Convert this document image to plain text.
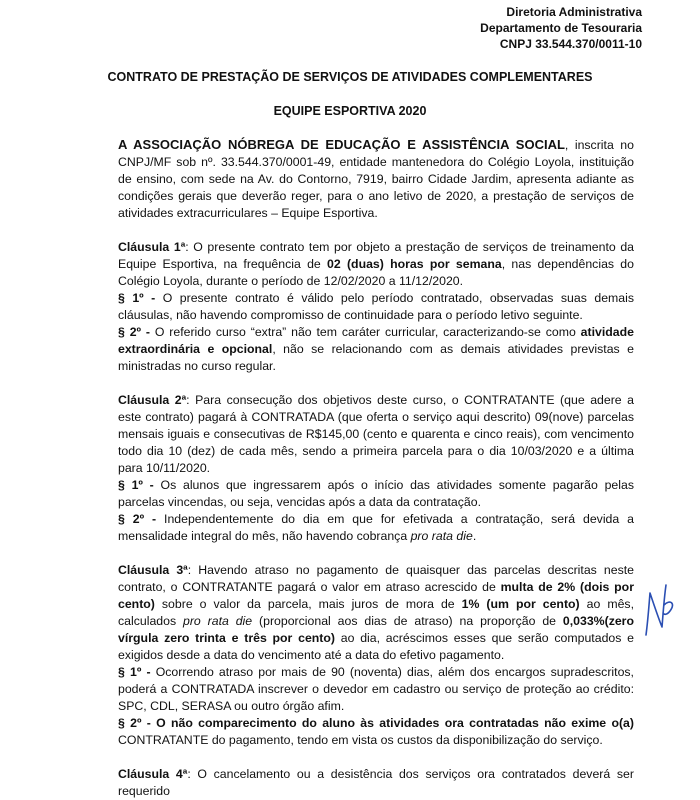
Diretoria Administrativa
Departamento de Tesouraria
CNPJ 33.544.370/0011-10
CONTRATO DE PRESTAÇÃO DE SERVIÇOS DE ATIVIDADES COMPLEMENTARES
EQUIPE ESPORTIVA 2020

A ASSOCIAÇÃO NÓBREGA DE EDUCAÇÃO E ASSISTÊNCIA SOCIAL, inscrita no CNPJ/MF sob nº. 33.544.370/0001-49, entidade mantenedora do Colégio Loyola, instituição de ensino, com sede na Av. do Contorno, 7919, bairro Cidade Jardim, apresenta adiante as condições gerais que deverão reger, para o ano letivo de 2020, a prestação de serviços de atividades extracurriculares – Equipe Esportiva.

Cláusula 1ª: O presente contrato tem por objeto a prestação de serviços de treinamento da Equipe Esportiva, na frequência de 02 (duas) horas por semana, nas dependências do Colégio Loyola, durante o período de 12/02/2020 a 11/12/2020.

§ 1º - O presente contrato é válido pelo período contratado, observadas suas demais cláusulas, não havendo compromisso de continuidade para o período letivo seguinte.

§ 2º - O referido curso “extra” não tem caráter curricular, caracterizando-se como atividade extraordinária e opcional, não se relacionando com as demais atividades previstas e ministradas no curso regular.

Cláusula 2ª: Para consecução dos objetivos deste curso, o CONTRATANTE (que adere a este contrato) pagará à CONTRATADA (que oferta o serviço aqui descrito) 09(nove) parcelas mensais iguais e consecutivas de R$145,00 (cento e quarenta e cinco reais), com vencimento todo dia 10 (dez) de cada mês, sendo a primeira parcela para o dia 10/03/2020 e a última para 10/11/2020.

§ 1º - Os alunos que ingressarem após o início das atividades somente pagarão pelas parcelas vincendas, ou seja, vencidas após a data da contratação.

§ 2º - Independentemente do dia em que for efetivada a contratação, será devida a mensalidade integral do mês, não havendo cobrança pro rata die.

Cláusula 3ª: Havendo atraso no pagamento de quaisquer das parcelas descritas neste contrato, o CONTRATANTE pagará o valor em atraso acrescido de multa de 2% (dois por cento) sobre o valor da parcela, mais juros de mora de 1% (um por cento) ao mês, calculados pro rata die (proporcional aos dias de atraso) na proporção de 0,033%(zero vírgula zero trinta e três por cento) ao dia, acréscimos esses que serão computados e exigidos desde a data do vencimento até a data do efetivo pagamento.

§ 1º - Ocorrendo atraso por mais de 90 (noventa) dias, além dos encargos supradescritos, poderá a CONTRATADA inscrever o devedor em cadastro ou serviço de proteção ao crédito: SPC, CDL, SERASA ou outro órgão afim.

§ 2º - O não comparecimento do aluno às atividades ora contratadas não exime o(a) CONTRATANTE do pagamento, tendo em vista os custos da disponibilização do serviço.

Cláusula 4ª: O cancelamento ou a desistência dos serviços ora contratados deverá ser requerido
